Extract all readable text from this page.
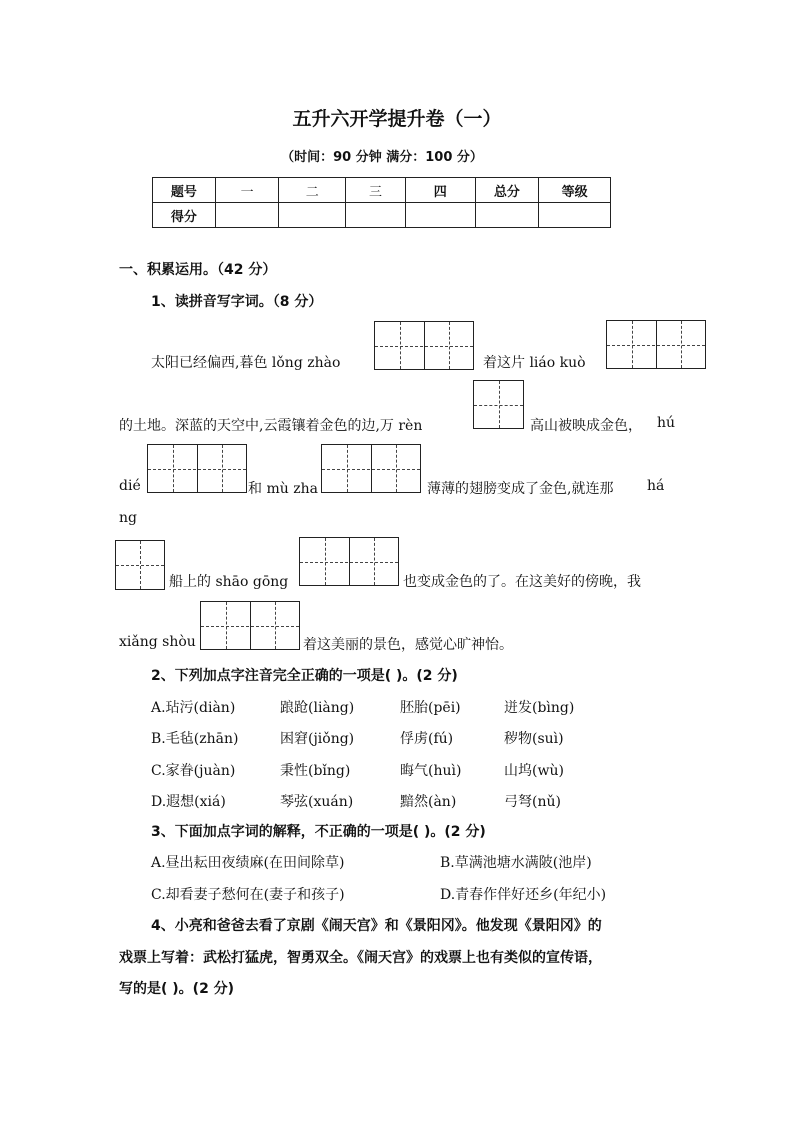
五升六开学提升卷（一）
（时间：90 分钟 满分：100 分）
题号	一	二	三	四	总分	等级
得分						
一、积累运用。（42 分）
1、读拼音写字词。（8 分）
太阳已经偏西,暮色 lǒng zhào	着这片 liáo kuò
的土地。深蓝的天空中,云霞镶着金色的边,万 rèn	高山被映成金色， hú
dié	和 mù zha	薄薄的翅膀变成了金色,就连那 há
ng
船上的 shāo gōng	也变成金色的了。在这美好的傍晚，我
xiǎng shòu	着这美丽的景色，感觉心旷神怡。
2、下列加点字注音完全正确的一项是( )。(2 分)
A.玷污(diàn)	踉跄(liàng)	胚胎(pēi)	迸发(bìng)
B.毛毡(zhān)	困窘(jiǒng)	俘虏(fú)	秽物(suì)
C.家眷(juàn)	秉性(bǐng)	晦气(huì)	山坞(wù)
D.遐想(xiá)	琴弦(xuán)	黯然(àn)	弓弩(nǔ)
3、下面加点字词的解释，不正确的一项是( )。(2 分)
A.昼出耘田夜绩麻(在田间除草)	B.草满池塘水满陂(池岸)
C.却看妻子愁何在(妻子和孩子)	D.青春作伴好还乡(年纪小)
4、小亮和爸爸去看了京剧《闹天宫》和《景阳冈》。他发现《景阳冈》的
戏票上写着：武松打猛虎，智勇双全。《闹天宫》的戏票上也有类似的宣传语，
写的是( )。(2 分)
